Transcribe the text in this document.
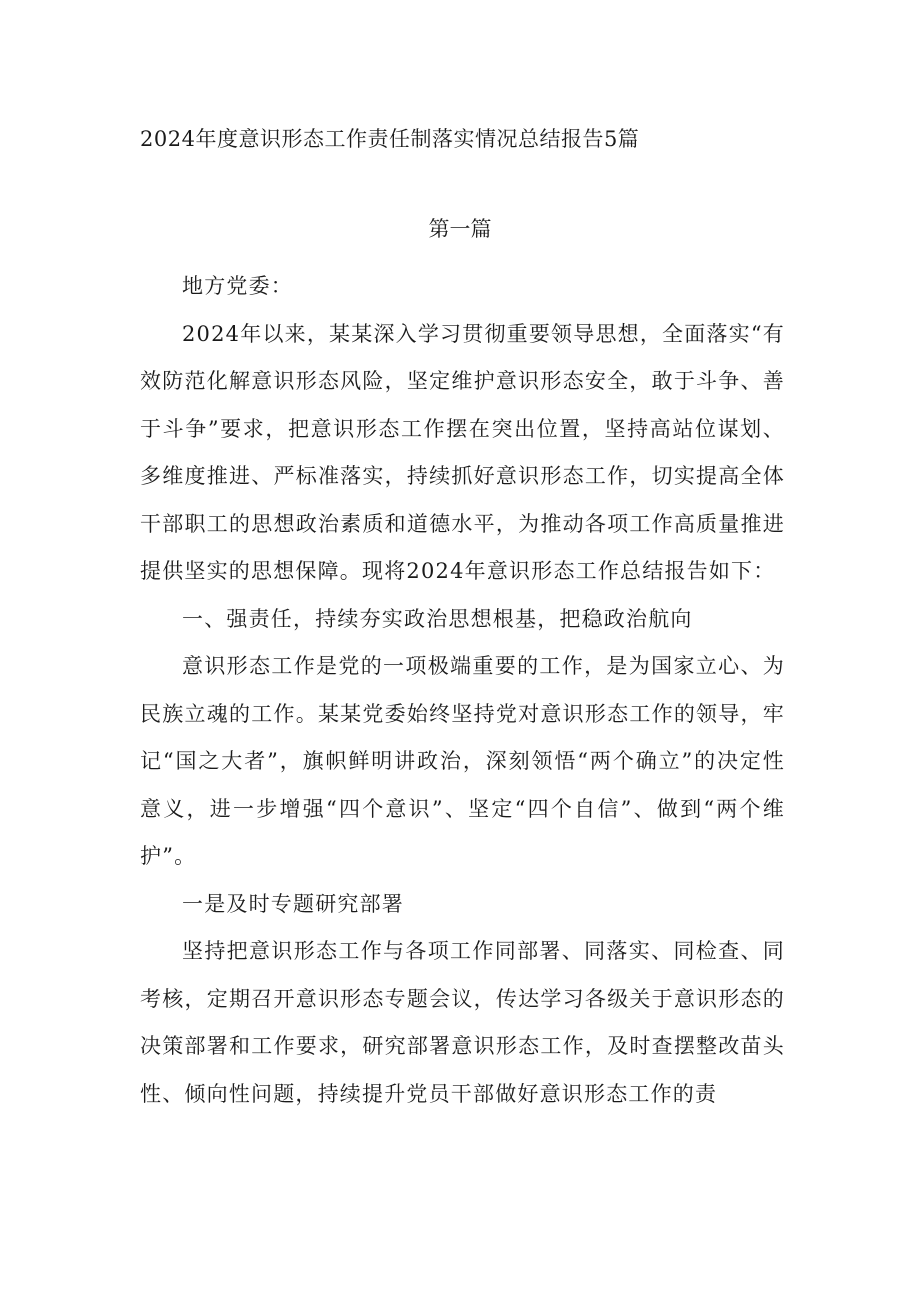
2024年度意识形态工作责任制落实情况总结报告5篇
第一篇

地方党委：

2024年以来，某某深入学习贯彻重要领导思想，全面落实“有效防范化解意识形态风险，坚定维护意识形态安全，敢于斗争、善于斗争”要求，把意识形态工作摆在突出位置，坚持高站位谋划、多维度推进、严标准落实，持续抓好意识形态工作，切实提高全体干部职工的思想政治素质和道德水平，为推动各项工作高质量推进提供坚实的思想保障。现将2024年意识形态工作总结报告如下：

一、强责任，持续夯实政治思想根基，把稳政治航向

意识形态工作是党的一项极端重要的工作，是为国家立心、为民族立魂的工作。某某党委始终坚持党对意识形态工作的领导，牢记“国之大者”，旗帜鲜明讲政治，深刻领悟“两个确立”的决定性意义，进一步增强“四个意识”、坚定“四个自信”、做到“两个维护”。

一是及时专题研究部署

坚持把意识形态工作与各项工作同部署、同落实、同检查、同考核，定期召开意识形态专题会议，传达学习各级关于意识形态的决策部署和工作要求，研究部署意识形态工作，及时查摆整改苗头性、倾向性问题，持续提升党员干部做好意识形态工作的责
